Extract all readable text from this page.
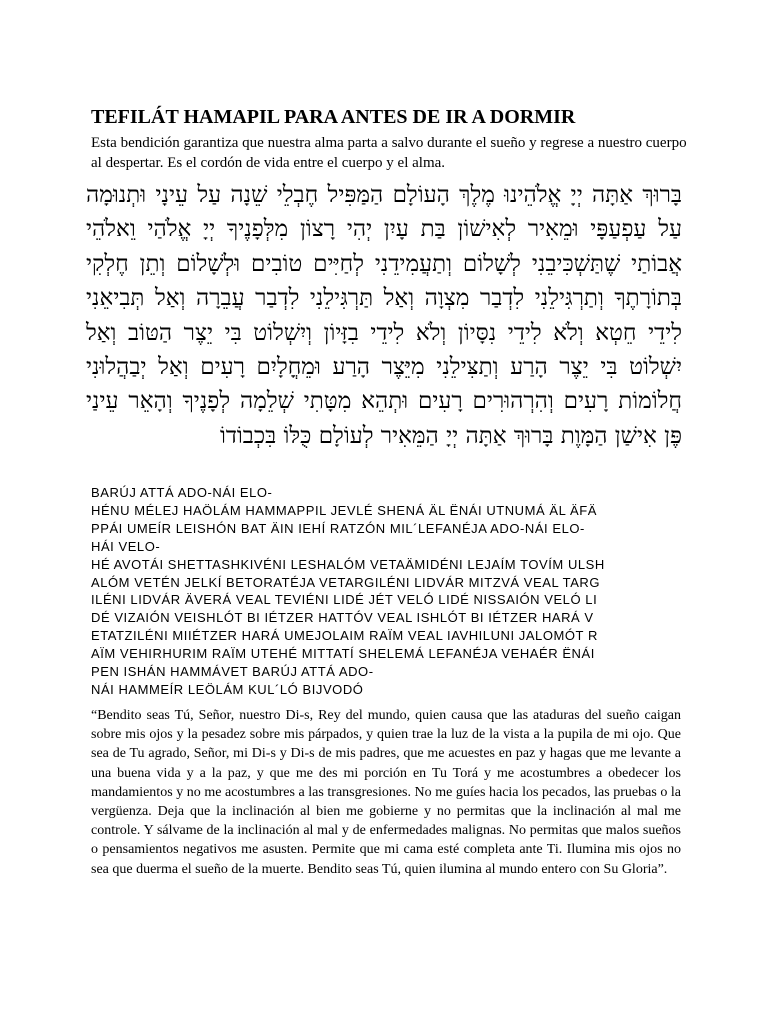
TEFILÁT HAMAPIL PARA ANTES DE IR A DORMIR
Esta bendición garantiza que nuestra alma parta a salvo durante el sueño y regrese a nuestro cuerpo al despertar. Es el cordón de vida entre el cuerpo y el alma.
בָּרוּךְ אַתָּה יְיָ אֱלֹהֵינוּ מֶלֶךְ הָעוֹלָם הַמַּפִּיל חֶבְלֵי שֵׁנָה עַל עֵינָי וּתְנוּמָה עַל עַפְעַפָּי וּמֵאִיר לְאִישׁוֹן בַּת עָיִן יְהִי רָצוֹן מִלְּפָנֶיךָ יְיָ אֱלֹהַי וֵאלֹהֵי אֲבוֹתַי שֶׁתַּשְׁכִּיבֵנִי לְשָׁלוֹם וְתַעֲמִידֵנִי לְחַיִּים טוֹבִים וּלְשָׁלוֹם וְתֵן חֶלְקִי בְּתוֹרָתֶךָ וְתַרְגִּילֵנִי לִדְבַר מִצְוָה וְאַל תַּרְגִּילֵנִי לִדְבַר עֲבֵרָה וְאַל תְּבִיאֵנִי לִידֵי חֵטְא וְלֹא לִידֵי נִסָּיוֹן וְלֹא לִידֵי בִזָּיוֹן וְיִשְׁלוֹט בִּי יֵצֶר הַטּוֹב וְאַל יִשְׁלוֹט בִּי יֵצֶר הָרַע וְתַצִּילֵנִי מִיֵּצֶר הָרַע וּמֵחֳלָיִם רָעִים וְאַל יְבַהֲלוּנִי חֲלוֹמוֹת רָעִים וְהִרְהוּרִים רָעִים וּתְהֵא מִטָּתִי שְׁלֵמָה לְפָנֶיךָ וְהָאֵר עֵינַי פֶּן אִישַׁן הַמָּוֶת בָּרוּךְ אַתָּה יְיָ הַמֵּאִיר לְעוֹלָם כֻּלּוֹ בִּכְבוֹדוֹ
BARÚJ ATTÁ ADO-NÁI ELO-
HÉNU MÉLEJ HAÖLÁM HAMMAPPIL JEVLÉ SHENÁ ÄL ËNÁI UTNUMÁ ÄL ÄFÄ
PPÁI UMEÍR LEISHÓN BAT ÄIN IEHÍ RATZÓN MIL´LEFANÉJA ADO-NÁI ELO-
HÁI VELO-
HÉ AVOTÁI SHETTASHKIVÉNI LESHALÓM VETAÄMIDÉNI LEJAÍM TOVÍM ULSH
ALÓM VETÉN JELKÍ BETORATÉJA VETARGILÉNI LIDVÁR MITZVÁ VEAL TARG
ILÉNI LIDVÁR ÄVERÁ VEAL TEVIÉNI LIDÉ JÉT VELÓ LIDÉ NISSAIÓN VELÓ LI
DÉ VIZAIÓN VEISHLÓT BI IÉTZER HATTÓV VEAL ISHLÓT BI IÉTZER HARÁ V
ETATZILÉNI MIIÉTZER HARÁ UMEJOLAIM RAÏM VEAL IAVHILUNI JALOMÓT R
AÏM VEHIRHURIM RAÏM UTEHÉ MITTATÍ SHELEMÁ LEFANÉJA VEHAÉR ËNÁI
PEN ISHÁN HAMMÁVET BARÚJ ATTÁ ADO-
NÁI HAMMEÍR LEÖLÁM KUL´LÓ BIJVODÓ
“Bendito seas Tú, Señor, nuestro Di-s, Rey del mundo, quien causa que las ataduras del sueño caigan sobre mis ojos y la pesadez sobre mis párpados, y quien trae la luz de la vista a la pupila de mi ojo. Que sea de Tu agrado, Señor, mi Di-s y Di-s de mis padres, que me acuestes en paz y hagas que me levante a una buena vida y a la paz, y que me des mi porción en Tu Torá y me acostumbres a obedecer los mandamientos y no me acostumbres a las transgresiones. No me guíes hacia los pecados, las pruebas o la vergüenza. Deja que la inclinación al bien me gobierne y no permitas que la inclinación al mal me controle. Y sálvame de la inclinación al mal y de enfermedades malignas. No permitas que malos sueños o pensamientos negativos me asusten. Permite que mi cama esté completa ante Ti. Ilumina mis ojos no sea que duerma el sueño de la muerte. Bendito seas Tú, quien ilumina al mundo entero con Su Gloria”.
